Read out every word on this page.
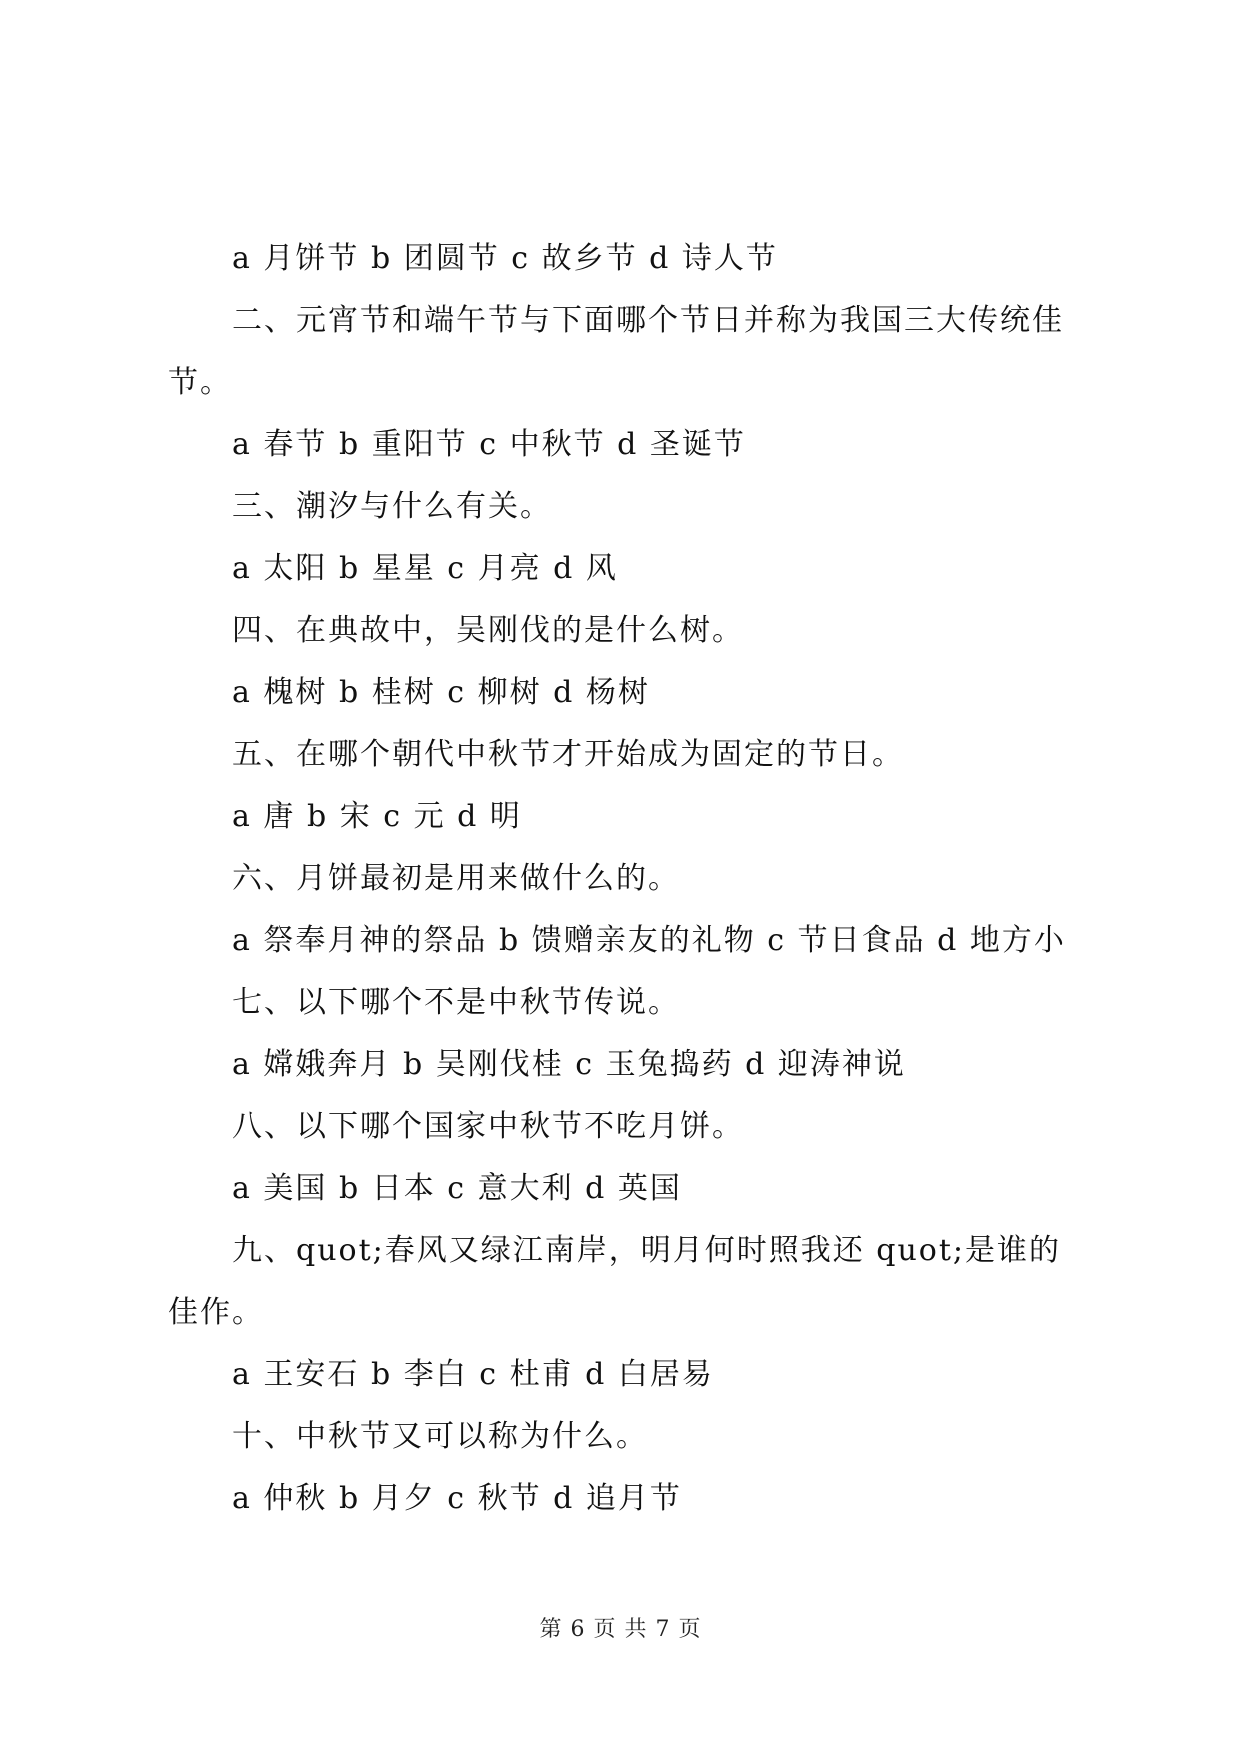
a 月饼节 b 团圆节 c 故乡节 d 诗人节
二、元宵节和端午节与下面哪个节日并称为我国三大传统佳节。
a 春节 b 重阳节 c 中秋节 d 圣诞节
三、潮汐与什么有关。
a 太阳 b 星星 c 月亮 d 风
四、在典故中，吴刚伐的是什么树。
a 槐树 b 桂树 c 柳树 d 杨树
五、在哪个朝代中秋节才开始成为固定的节日。
a 唐 b 宋 c 元 d 明
六、月饼最初是用来做什么的。
a 祭奉月神的祭品 b 馈赠亲友的礼物 c 节日食品 d 地方小
七、以下哪个不是中秋节传说。
a 嫦娥奔月 b 吴刚伐桂 c 玉兔捣药 d 迎涛神说
八、以下哪个国家中秋节不吃月饼。
a 美国 b 日本 c 意大利 d 英国
九、quot;春风又绿江南岸，明月何时照我还 quot;是谁的佳作。
a 王安石 b 李白 c 杜甫 d 白居易
十、中秋节又可以称为什么。
a 仲秋 b 月夕 c 秋节 d 追月节
第 6 页 共 7 页
